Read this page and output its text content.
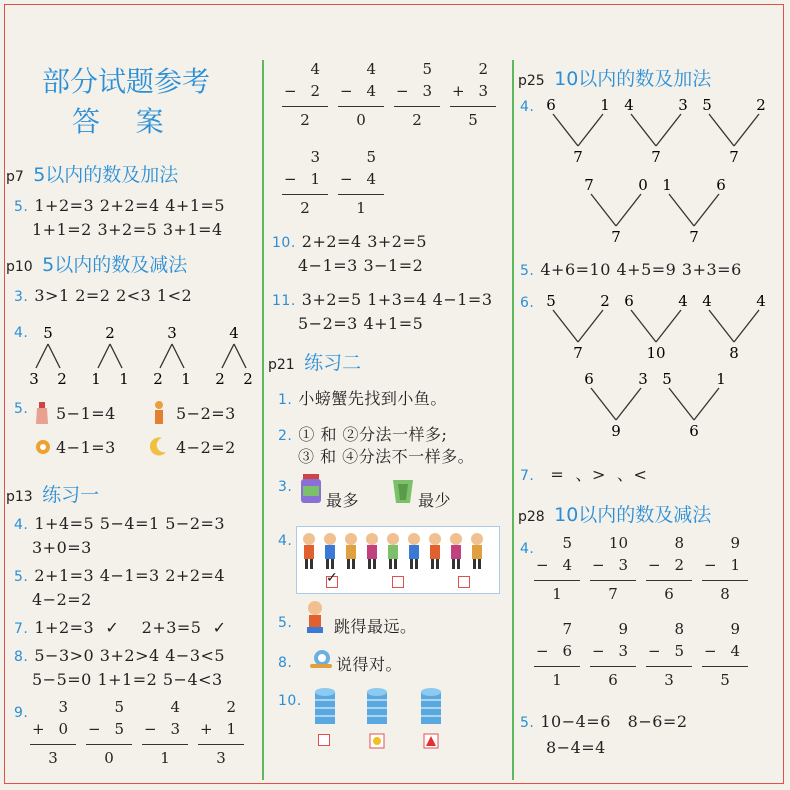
部分试题参考
答    案
p7 5以内的数及加法
5. 1+2=3 2+2=4 4+1=5
1+1=2 3+2=5 3+1=4
p10 5以内的数及减法
3. 3>1 2=2 2<3 1<2
4. 5
3 2
2
1 1
3
2 1
4
2 2
5.	5−1=4	5−2=3
4−1=3	4−2=2
p13 练习一
4. 1+4=5 5−4=1 5−2=3
3+0=3
5. 2+1=3 4−1=3 2+2=4
4−2=2
7. 1+2=3  ✓    2+3=5  ✓
8. 5−3>0 3+2>4 4−3<5
5−5=0 1+1=2 5−4<3
9.	3
+ 0
3
5
− 5
0
4
− 3
1
2
+ 1
3
4
− 2
2
4
− 4
0
5
− 3
2
2
+ 3
5
3
− 1
2
5
− 4
1
10. 2+2=4 3+2=5
4−1=3 3−1=2
11. 3+2=5 1+3=4 4−1=3
5−2=3 4+1=5
p21 练习二
1. 小螃蟹先找到小鱼。
2. ① 和 ②分法一样多;
③ 和 ④分法不一样多。
3.
最多	最少
4.
✓
5.	跳得最远。
8.	说得对。
10.
p25 10以内的数及加法
4. 6	1
7
4	3
7
5	2
7
7	0
7
1	6
7
5. 4+6=10 4+5=9 3+3=6
6. 5	2
7
6	4
10
4	4
8
6	3
9
5	1
6
7. =  、>  、<
p28 10以内的数及减法
4.	5
− 4
1
10
− 3
7
8
− 2
6
9
− 1
8
7
− 6
1
9
− 3
6
8
− 5
3
9
− 4
5
5. 10−4=6   8−6=2
8−4=4
